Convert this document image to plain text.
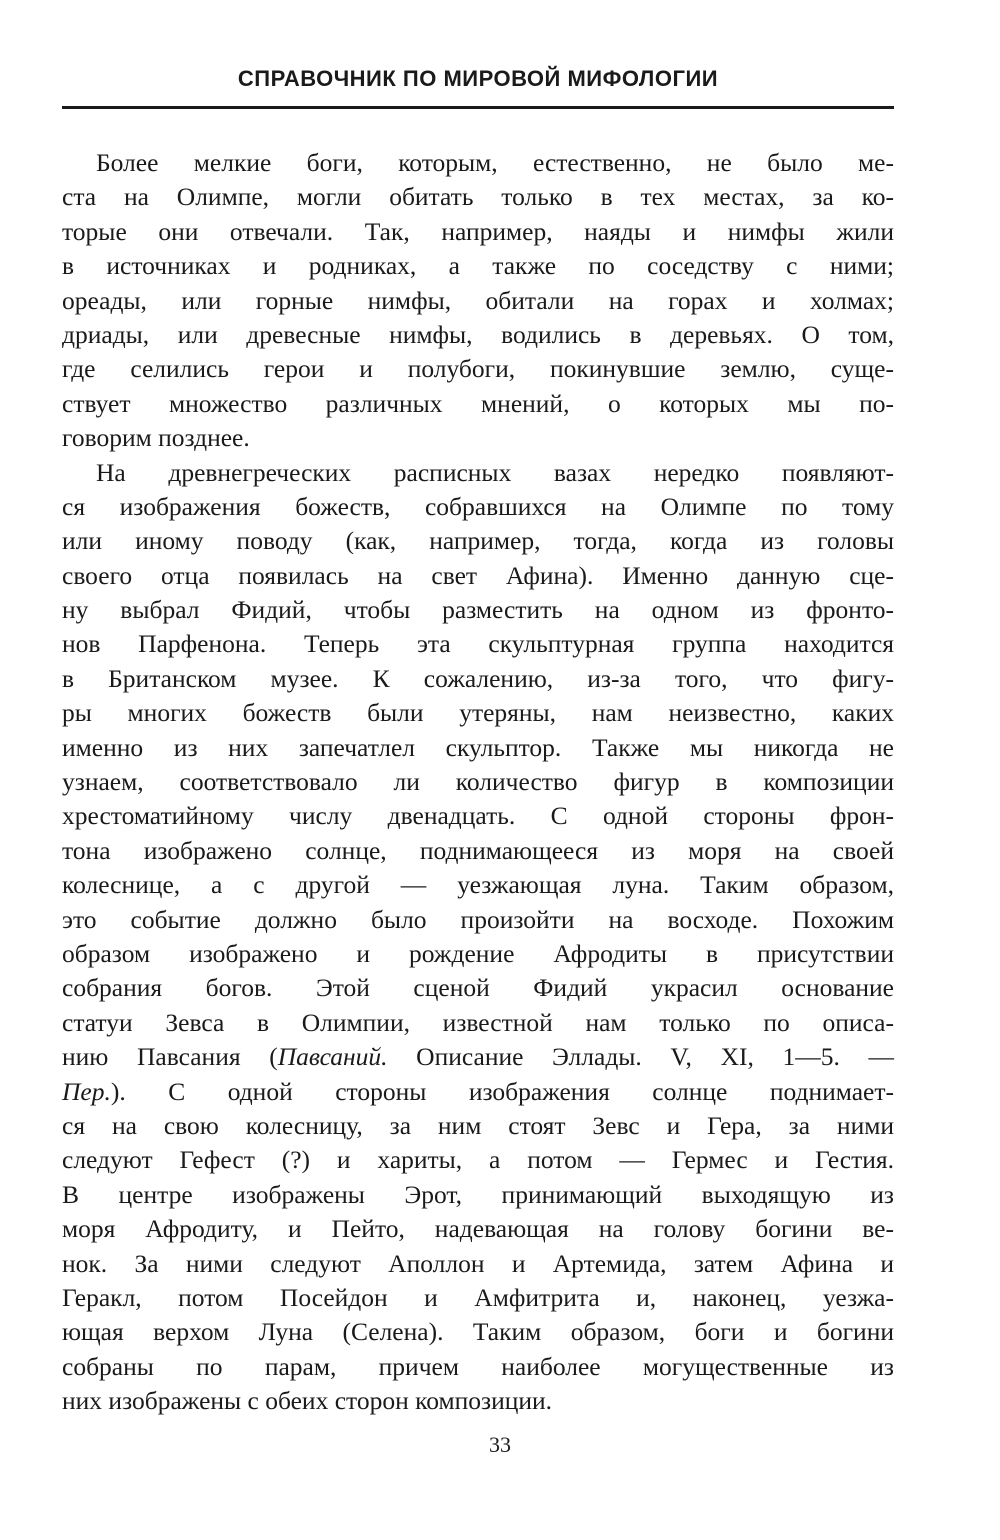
СПРАВОЧНИК ПО МИРОВОЙ МИФОЛОГИИ
Более мелкие боги, которым, естественно, не было ме-
ста на Олимпе, могли обитать только в тех местах, за ко-
торые они отвечали. Так, например, наяды и нимфы жили
в источниках и родниках, а также по соседству с ними;
ореады, или горные нимфы, обитали на горах и холмах;
дриады, или древесные нимфы, водились в деревьях. О том,
где селились герои и полубоги, покинувшие землю, суще-
ствует множество различных мнений, о которых мы по-
говорим позднее.
На древнегреческих расписных вазах нередко появляют-
ся изображения божеств, собравшихся на Олимпе по тому
или иному поводу (как, например, тогда, когда из головы
своего отца появилась на свет Афина). Именно данную сце-
ну выбрал Фидий, чтобы разместить на одном из фронто-
нов Парфенона. Теперь эта скульптурная группа находится
в Британском музее. К сожалению, из-за того, что фигу-
ры многих божеств были утеряны, нам неизвестно, каких
именно из них запечатлел скульптор. Также мы никогда не
узнаем, соответствовало ли количество фигур в композиции
хрестоматийному числу двенадцать. С одной стороны фрон-
тона изображено солнце, поднимающееся из моря на своей
колеснице, а с другой — уезжающая луна. Таким образом,
это событие должно было произойти на восходе. Похожим
образом изображено и рождение Афродиты в присутствии
собрания богов. Этой сценой Фидий украсил основание
статуи Зевса в Олимпии, известной нам только по описа-
нию Павсания (Павсаний. Описание Эллады. V, XI, 1—5. —
Пер.). С одной стороны изображения солнце поднимает-
ся на свою колесницу, за ним стоят Зевс и Гера, за ними
следуют Гефест (?) и хариты, а потом — Гермес и Гестия.
В центре изображены Эрот, принимающий выходящую из
моря Афродиту, и Пейто, надевающая на голову богини ве-
нок. За ними следуют Аполлон и Артемида, затем Афина и
Геракл, потом Посейдон и Амфитрита и, наконец, уезжа-
ющая верхом Луна (Селена). Таким образом, боги и богини
собраны по парам, причем наиболее могущественные из
них изображены с обеих сторон композиции.
33
